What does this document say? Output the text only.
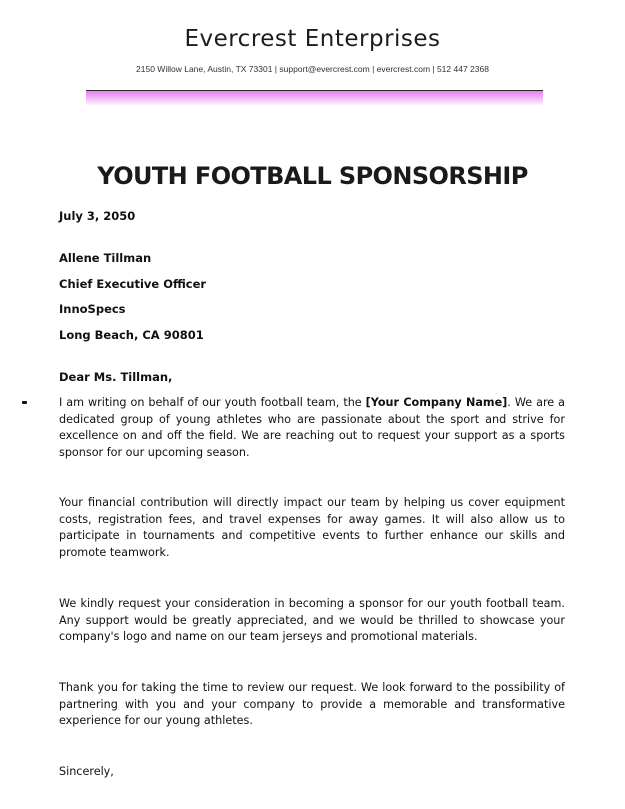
Evercrest Enterprises
2150 Willow Lane, Austin, TX 73301 | support@evercrest.com | evercrest.com | 512 447 2368
YOUTH FOOTBALL SPONSORSHIP
July 3, 2050
Allene Tillman
Chief Executive Officer
InnoSpecs
Long Beach, CA 90801
Dear Ms. Tillman,
I am writing on behalf of our youth football team, the [Your Company Name]. We are a dedicated group of young athletes who are passionate about the sport and strive for excellence on and off the field. We are reaching out to request your support as a sports sponsor for our upcoming season.
Your financial contribution will directly impact our team by helping us cover equipment costs, registration fees, and travel expenses for away games. It will also allow us to participate in tournaments and competitive events to further enhance our skills and promote teamwork.
We kindly request your consideration in becoming a sponsor for our youth football team. Any support would be greatly appreciated, and we would be thrilled to showcase your company's logo and name on our team jerseys and promotional materials.
Thank you for taking the time to review our request. We look forward to the possibility of partnering with you and your company to provide a memorable and transformative experience for our young athletes.
Sincerely,
